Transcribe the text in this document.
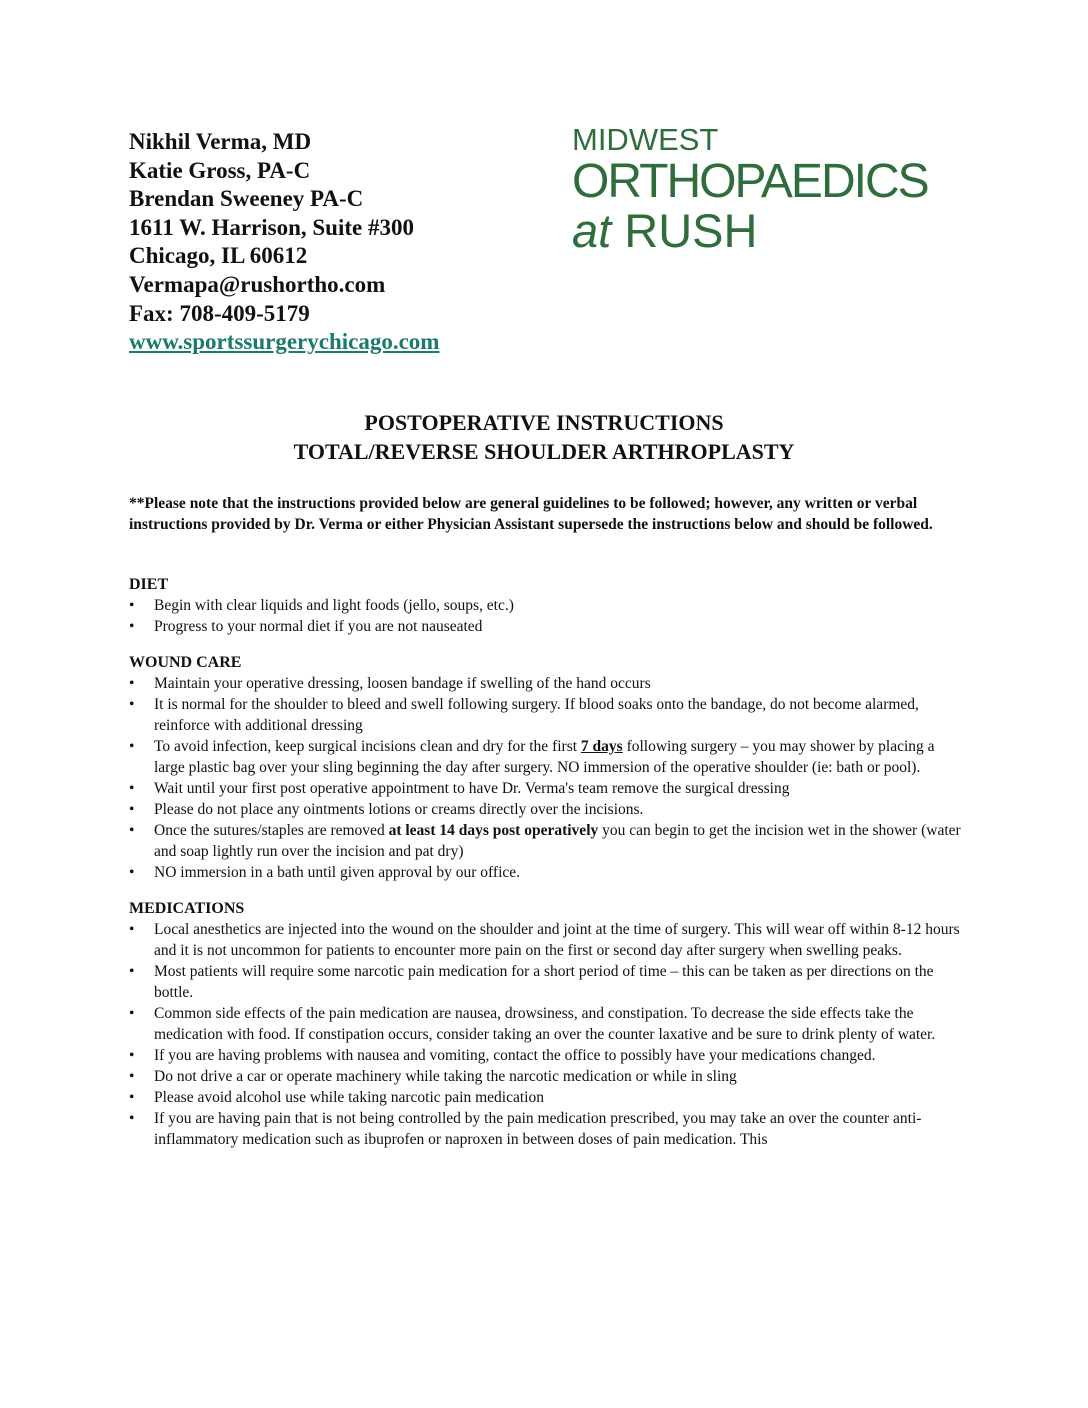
Nikhil Verma, MD
Katie Gross, PA-C
Brendan Sweeney PA-C
1611 W. Harrison, Suite #300
Chicago, IL 60612
Vermapa@rushortho.com
Fax: 708-409-5179
www.sportssurgerychicago.com
MIDWEST
ORTHOPAEDICS
at RUSH
POSTOPERATIVE INSTRUCTIONS
TOTAL/REVERSE SHOULDER ARTHROPLASTY
**Please note that the instructions provided below are general guidelines to be followed; however, any written or verbal instructions provided by Dr. Verma or either Physician Assistant supersede the instructions below and should be followed.
DIET
•	Begin with clear liquids and light foods (jello, soups, etc.)
•	Progress to your normal diet if you are not nauseated
WOUND CARE
•	Maintain your operative dressing, loosen bandage if swelling of the hand occurs
•	It is normal for the shoulder to bleed and swell following surgery. If blood soaks onto the bandage, do not become alarmed, reinforce with additional dressing
•	To avoid infection, keep surgical incisions clean and dry for the first 7 days following surgery – you may shower by placing a large plastic bag over your sling beginning the day after surgery. NO immersion of the operative shoulder (ie: bath or pool).
•	Wait until your first post operative appointment to have Dr. Verma's team remove the surgical dressing
•	Please do not place any ointments lotions or creams directly over the incisions.
•	Once the sutures/staples are removed at least 14 days post operatively you can begin to get the incision wet in the shower (water and soap lightly run over the incision and pat dry)
•	NO immersion in a bath until given approval by our office.
MEDICATIONS
•	Local anesthetics are injected into the wound on the shoulder and joint at the time of surgery. This will wear off within 8-12 hours and it is not uncommon for patients to encounter more pain on the first or second day after surgery when swelling peaks.
•	Most patients will require some narcotic pain medication for a short period of time – this can be taken as per directions on the bottle.
•	Common side effects of the pain medication are nausea, drowsiness, and constipation. To decrease the side effects take the medication with food. If constipation occurs, consider taking an over the counter laxative and be sure to drink plenty of water.
•	If you are having problems with nausea and vomiting, contact the office to possibly have your medications changed.
•	Do not drive a car or operate machinery while taking the narcotic medication or while in sling
•	Please avoid alcohol use while taking narcotic pain medication
•	If you are having pain that is not being controlled by the pain medication prescribed, you may take an over the counter anti-inflammatory medication such as ibuprofen or naproxen in between doses of pain medication. This
